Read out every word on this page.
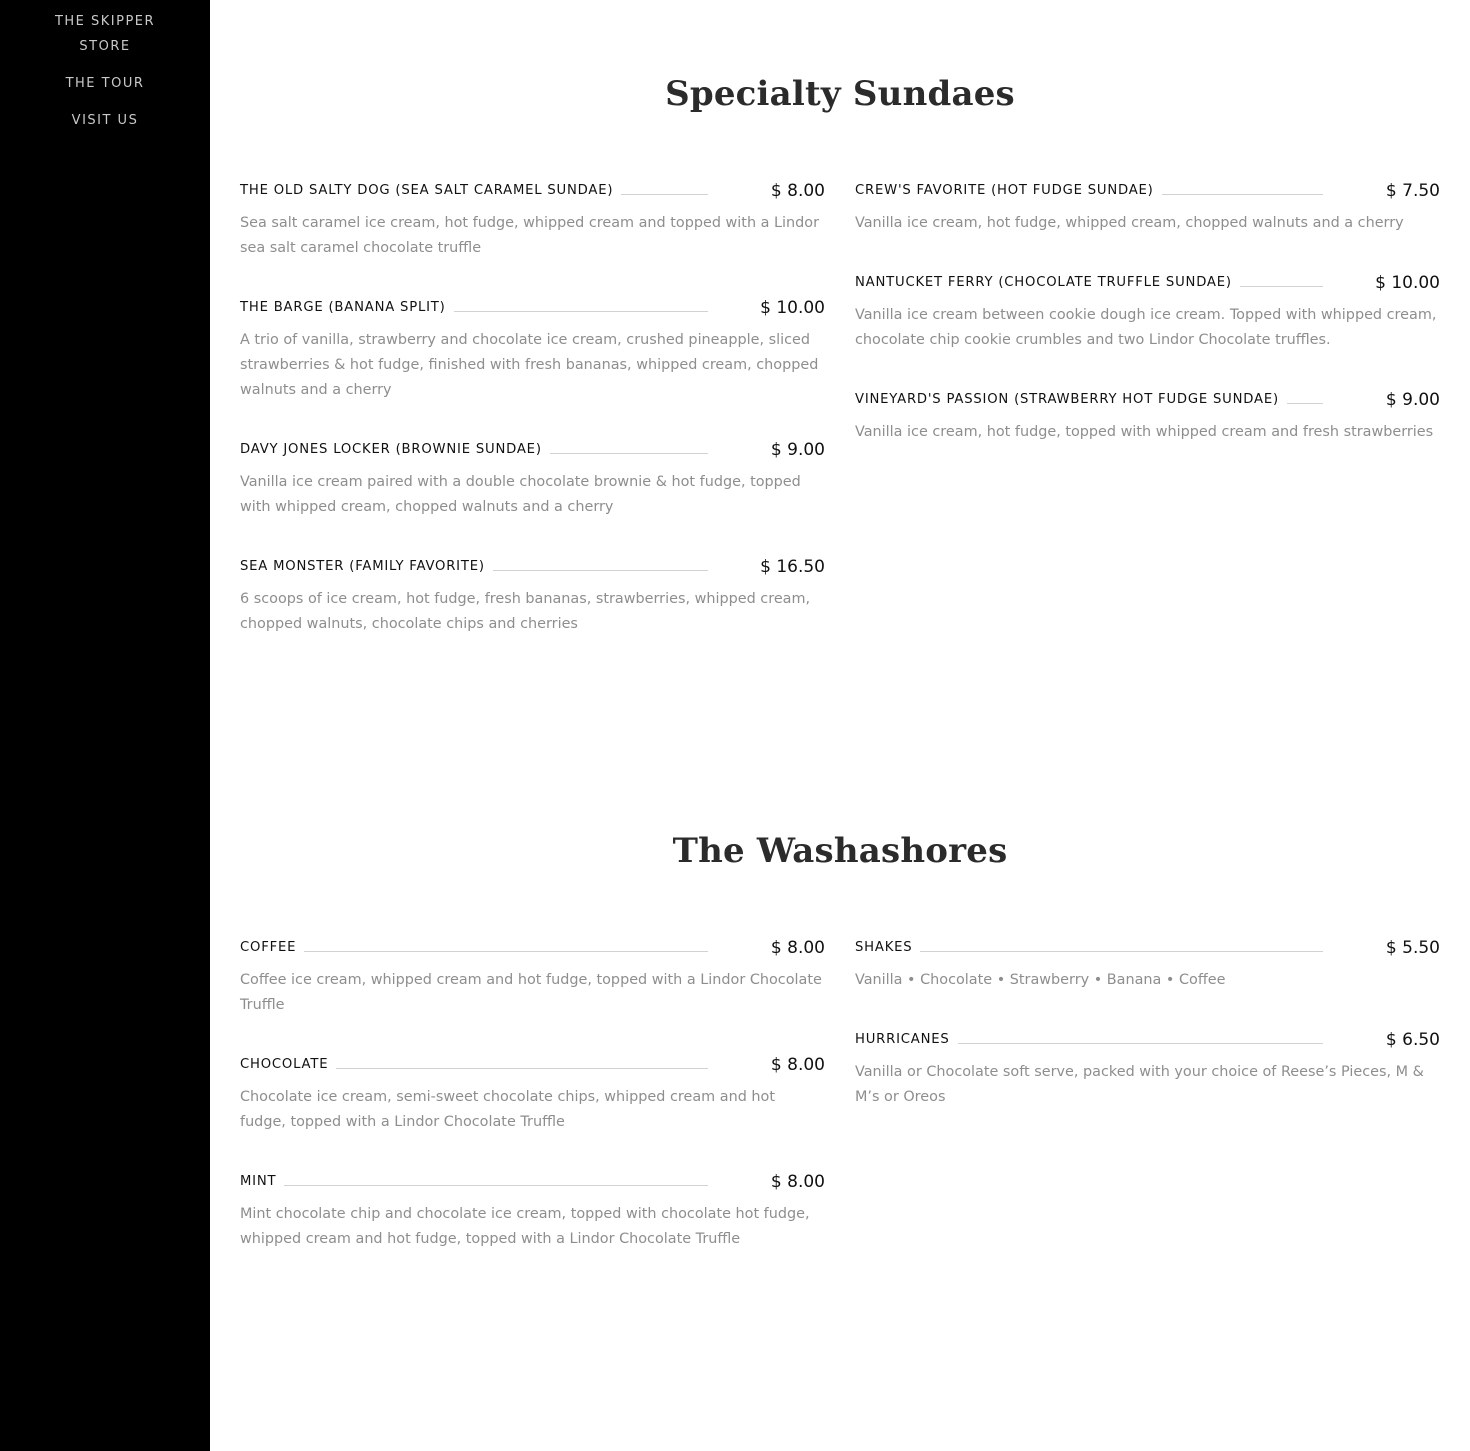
THE SKIPPER STORE
THE TOUR
VISIT US
Specialty Sundaes
THE OLD SALTY DOG (SEA SALT CARAMEL SUNDAE)	$ 8.00

Sea salt caramel ice cream, hot fudge, whipped cream and topped with a Lindor sea salt caramel chocolate truffle

THE BARGE (BANANA SPLIT)	$ 10.00

A trio of vanilla, strawberry and chocolate ice cream, crushed pineapple, sliced strawberries & hot fudge, finished with fresh bananas, whipped cream, chopped walnuts and a cherry

DAVY JONES LOCKER (BROWNIE SUNDAE)	$ 9.00

Vanilla ice cream paired with a double chocolate brownie & hot fudge, topped with whipped cream, chopped walnuts and a cherry

SEA MONSTER (FAMILY FAVORITE)	$ 16.50

6 scoops of ice cream, hot fudge, fresh bananas, strawberries, whipped cream, chopped walnuts, chocolate chips and cherries

CREW'S FAVORITE (HOT FUDGE SUNDAE)	$ 7.50

Vanilla ice cream, hot fudge, whipped cream, chopped walnuts and a cherry

NANTUCKET FERRY (CHOCOLATE TRUFFLE SUNDAE)	$ 10.00

Vanilla ice cream between cookie dough ice cream. Topped with whipped cream, chocolate chip cookie crumbles and two Lindor Chocolate truffles.

VINEYARD'S PASSION (STRAWBERRY HOT FUDGE SUNDAE)	$ 9.00

Vanilla ice cream, hot fudge, topped with whipped cream and fresh strawberries

The Washashores
COFFEE	$ 8.00

Coffee ice cream, whipped cream and hot fudge, topped with a Lindor Chocolate Truffle

CHOCOLATE	$ 8.00

Chocolate ice cream, semi-sweet chocolate chips, whipped cream and hot fudge, topped with a Lindor Chocolate Truffle

MINT	$ 8.00

Mint chocolate chip and chocolate ice cream, topped with chocolate hot fudge, whipped cream and hot fudge, topped with a Lindor Chocolate Truffle

SHAKES	$ 5.50

Vanilla • Chocolate • Strawberry • Banana • Coffee

HURRICANES	$ 6.50

Vanilla or Chocolate soft serve, packed with your choice of Reese’s Pieces, M & M’s or Oreos
